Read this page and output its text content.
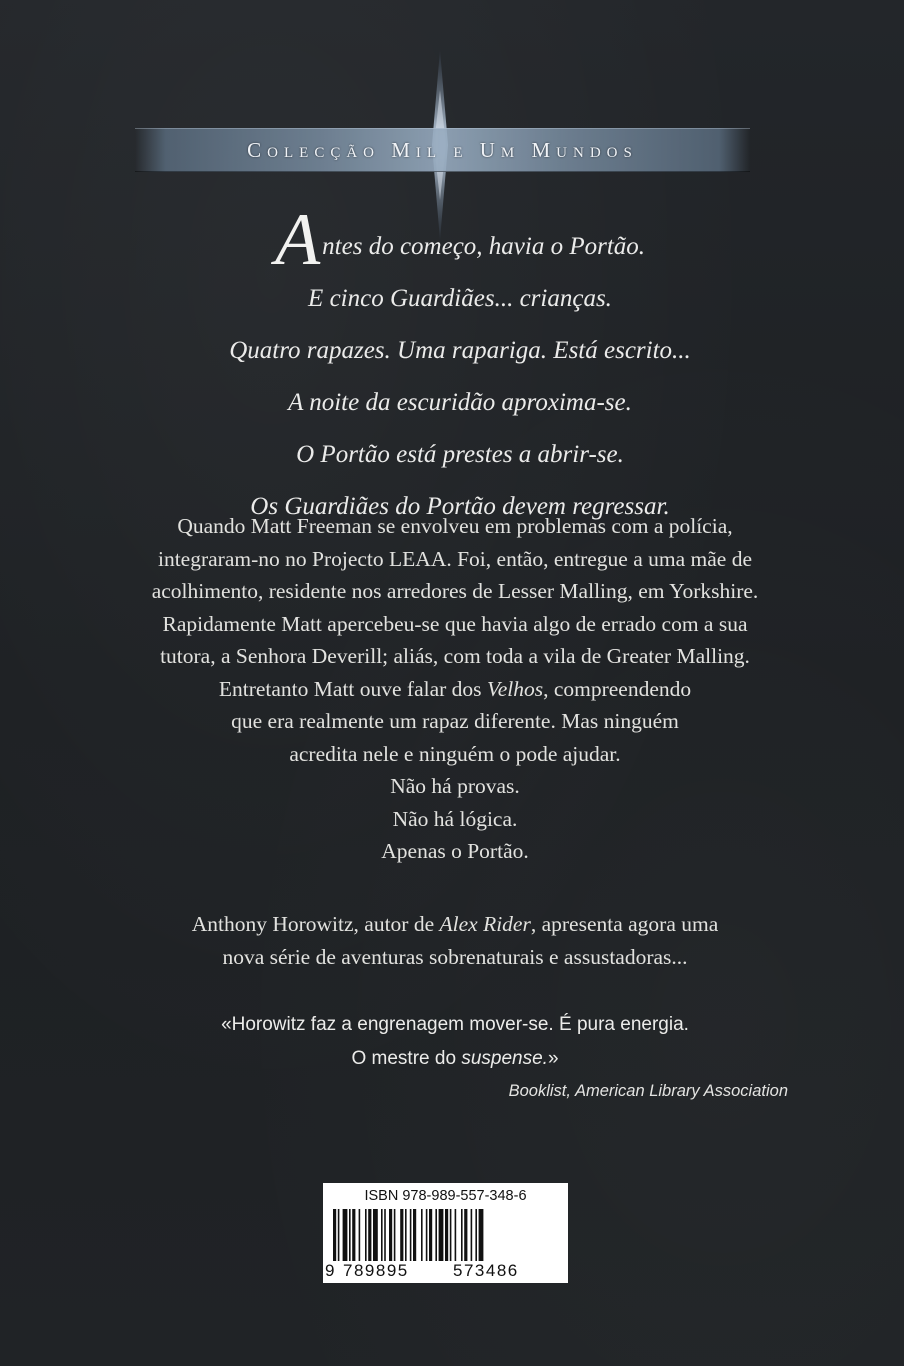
Colecção Mil e Um Mundos
Antes do começo, havia o Portão.
E cinco Guardiães... crianças.
Quatro rapazes. Uma rapariga. Está escrito...
A noite da escuridão aproxima-se.
O Portão está prestes a abrir-se.
Os Guardiães do Portão devem regressar.
Quando Matt Freeman se envolveu em problemas com a polícia,
integraram-no no Projecto LEAA. Foi, então, entregue a uma mãe de
acolhimento, residente nos arredores de Lesser Malling, em Yorkshire.
Rapidamente Matt apercebeu-se que havia algo de errado com a sua
tutora, a Senhora Deverill; aliás, com toda a vila de Greater Malling.
Entretanto Matt ouve falar dos Velhos, compreendendo
que era realmente um rapaz diferente. Mas ninguém
acredita nele e ninguém o pode ajudar.
Não há provas.
Não há lógica.
Apenas o Portão.
Anthony Horowitz, autor de Alex Rider, apresenta agora uma
nova série de aventuras sobrenaturais e assustadoras...
«Horowitz faz a engrenagem mover-se. É pura energia.
O mestre do suspense.»
Booklist, American Library Association
ISBN 978-989-557-348-6
9 789895	573486
